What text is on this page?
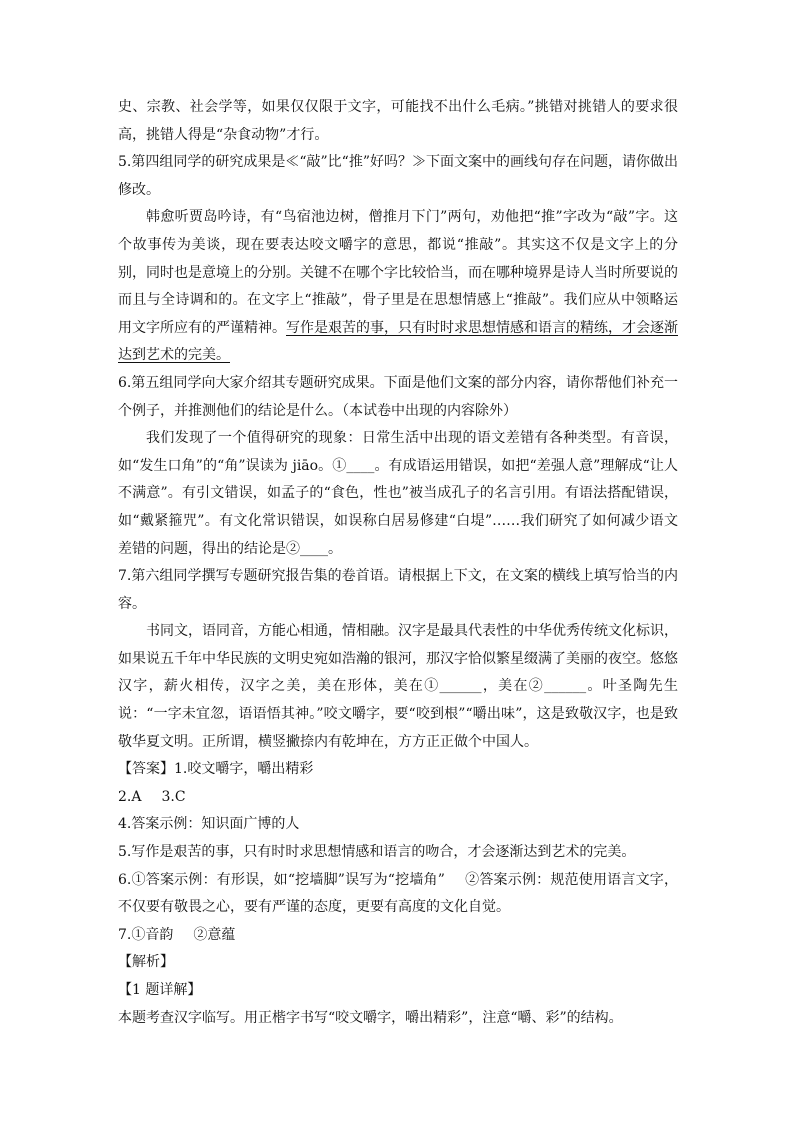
史、宗教、社会学等，如果仅仅限于文字，可能找不出什么毛病。”挑错对挑错人的要求很高，挑错人得是“杂食动物”才行。

5.第四组同学的研究成果是≪“敲”比“推”好吗？≫下面文案中的画线句存在问题，请你做出修改。

韩愈听贾岛吟诗，有“鸟宿池边树，僧推月下门”两句，劝他把“推”字改为“敲”字。这个故事传为美谈，现在要表达咬文嚼字的意思，都说“推敲”。其实这不仅是文字上的分别，同时也是意境上的分别。关键不在哪个字比较恰当，而在哪种境界是诗人当时所要说的而且与全诗调和的。在文字上“推敲”，骨子里是在思想情感上“推敲”。我们应从中领略运用文字所应有的严谨精神。写作是艰苦的事，只有时时求思想情感和语言的精练，才会逐渐达到艺术的完美。

6.第五组同学向大家介绍其专题研究成果。下面是他们文案的部分内容，请你帮他们补充一个例子，并推测他们的结论是什么。（本试卷中出现的内容除外）

我们发现了一个值得研究的现象：日常生活中出现的语文差错有各种类型。有音误，如“发生口角”的“角”误读为 jiāo。①____。有成语运用错误，如把“差强人意”理解成“让人不满意”。有引文错误，如孟子的“食色，性也”被当成孔子的名言引用。有语法搭配错误，如“戴紧箍咒”。有文化常识错误，如误称白居易修建“白堤”……我们研究了如何减少语文差错的问题，得出的结论是②____。

7.第六组同学撰写专题研究报告集的卷首语。请根据上下文，在文案的横线上填写恰当的内容。

书同文，语同音，方能心相通，情相融。汉字是最具代表性的中华优秀传统文化标识，如果说五千年中华民族的文明史宛如浩瀚的银河，那汉字恰似繁星缀满了美丽的夜空。悠悠汉字，薪火相传，汉字之美，美在形体，美在①______，美在②______。叶圣陶先生说：“一字未宜忽，语语悟其神。”咬文嚼字，要“咬到根”“嚼出味”，这是致敬汉字，也是致敬华夏文明。正所谓，横竖撇捺内有乾坤在，方方正正做个中国人。

【答案】1.咬文嚼字，嚼出精彩

2.A 3.C

4.答案示例：知识面广博的人

5.写作是艰苦的事，只有时时求思想情感和语言的吻合，才会逐渐达到艺术的完美。

6.①答案示例：有形误，如“挖墙脚”误写为“挖墙角” ②答案示例：规范使用语言文字，不仅要有敬畏之心，要有严谨的态度，更要有高度的文化自觉。

7.①音韵 ②意蕴

【解析】

【1 题详解】

本题考查汉字临写。用正楷字书写“咬文嚼字，嚼出精彩”，注意“嚼、彩”的结构。
